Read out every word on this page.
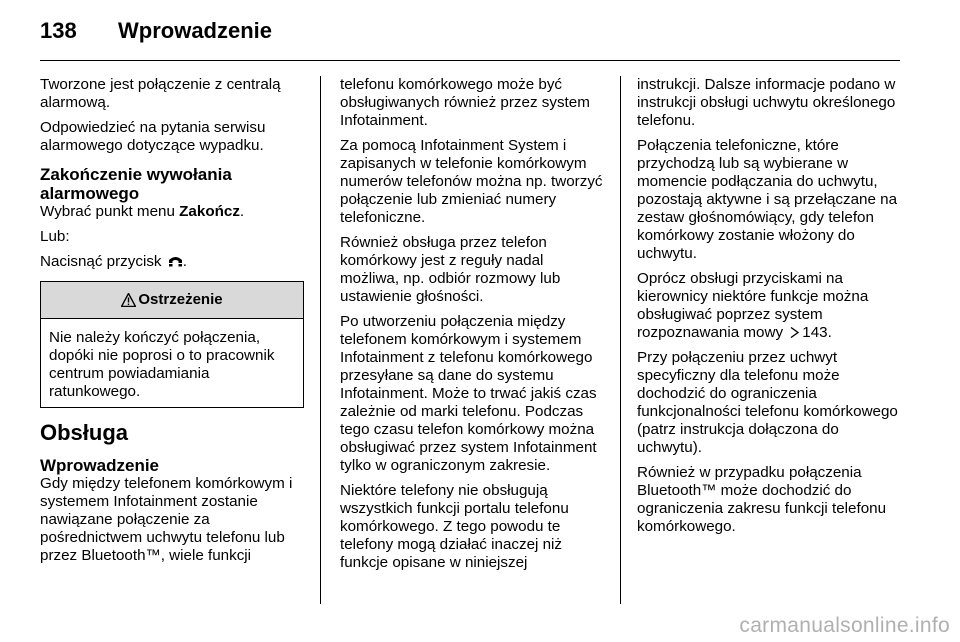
138 Wprowadzenie

Tworzone jest połączenie z centralą alarmową.

Odpowiedzieć na pytania serwisu alarmowego dotyczące wypadku.

Zakończenie wywołania alarmowego

Wybrać punkt menu Zakończ.

Lub:

Nacisnąć przycisk .

Ostrzeżenie
Nie należy kończyć połączenia, dopóki nie poprosi o to pracownik centrum powiadamiania ratunkowego.
Obsługa
Wprowadzenie

Gdy między telefonem komórkowym i systemem Infotainment zostanie nawiązane połączenie za pośrednictwem uchwytu telefonu lub przez Bluetooth™, wiele funkcji

telefonu komórkowego może być obsługiwanych również przez system Infotainment.

Za pomocą Infotainment System i zapisanych w telefonie komórkowym numerów telefonów można np. tworzyć połączenie lub zmieniać numery telefoniczne.

Również obsługa przez telefon komórkowy jest z reguły nadal możliwa, np. odbiór rozmowy lub ustawienie głośności.

Po utworzeniu połączenia między telefonem komórkowym i systemem Infotainment z telefonu komórkowego przesyłane są dane do systemu Infotainment. Może to trwać jakiś czas zależnie od marki telefonu. Podczas tego czasu telefon komórkowy można obsługiwać przez system Infotainment tylko w ograniczonym zakresie.

Niektóre telefony nie obsługują wszystkich funkcji portalu telefonu komórkowego. Z tego powodu te telefony mogą działać inaczej niż funkcje opisane w niniejszej

instrukcji. Dalsze informacje podano w instrukcji obsługi uchwytu określonego telefonu.

Połączenia telefoniczne, które przychodzą lub są wybierane w momencie podłączania do uchwytu, pozostają aktywne i są przełączane na zestaw głośnomówiący, gdy telefon komórkowy zostanie włożony do uchwytu.

Oprócz obsługi przyciskami na kierownicy niektóre funkcje można obsługiwać poprzez system rozpoznawania mowy 143.

Przy połączeniu przez uchwyt specyficzny dla telefonu może dochodzić do ograniczenia funkcjonalności telefonu komórkowego (patrz instrukcja dołączona do uchwytu).

Również w przypadku połączenia Bluetooth™ może dochodzić do ograniczenia zakresu funkcji telefonu komórkowego.

carmanualsonline.info
